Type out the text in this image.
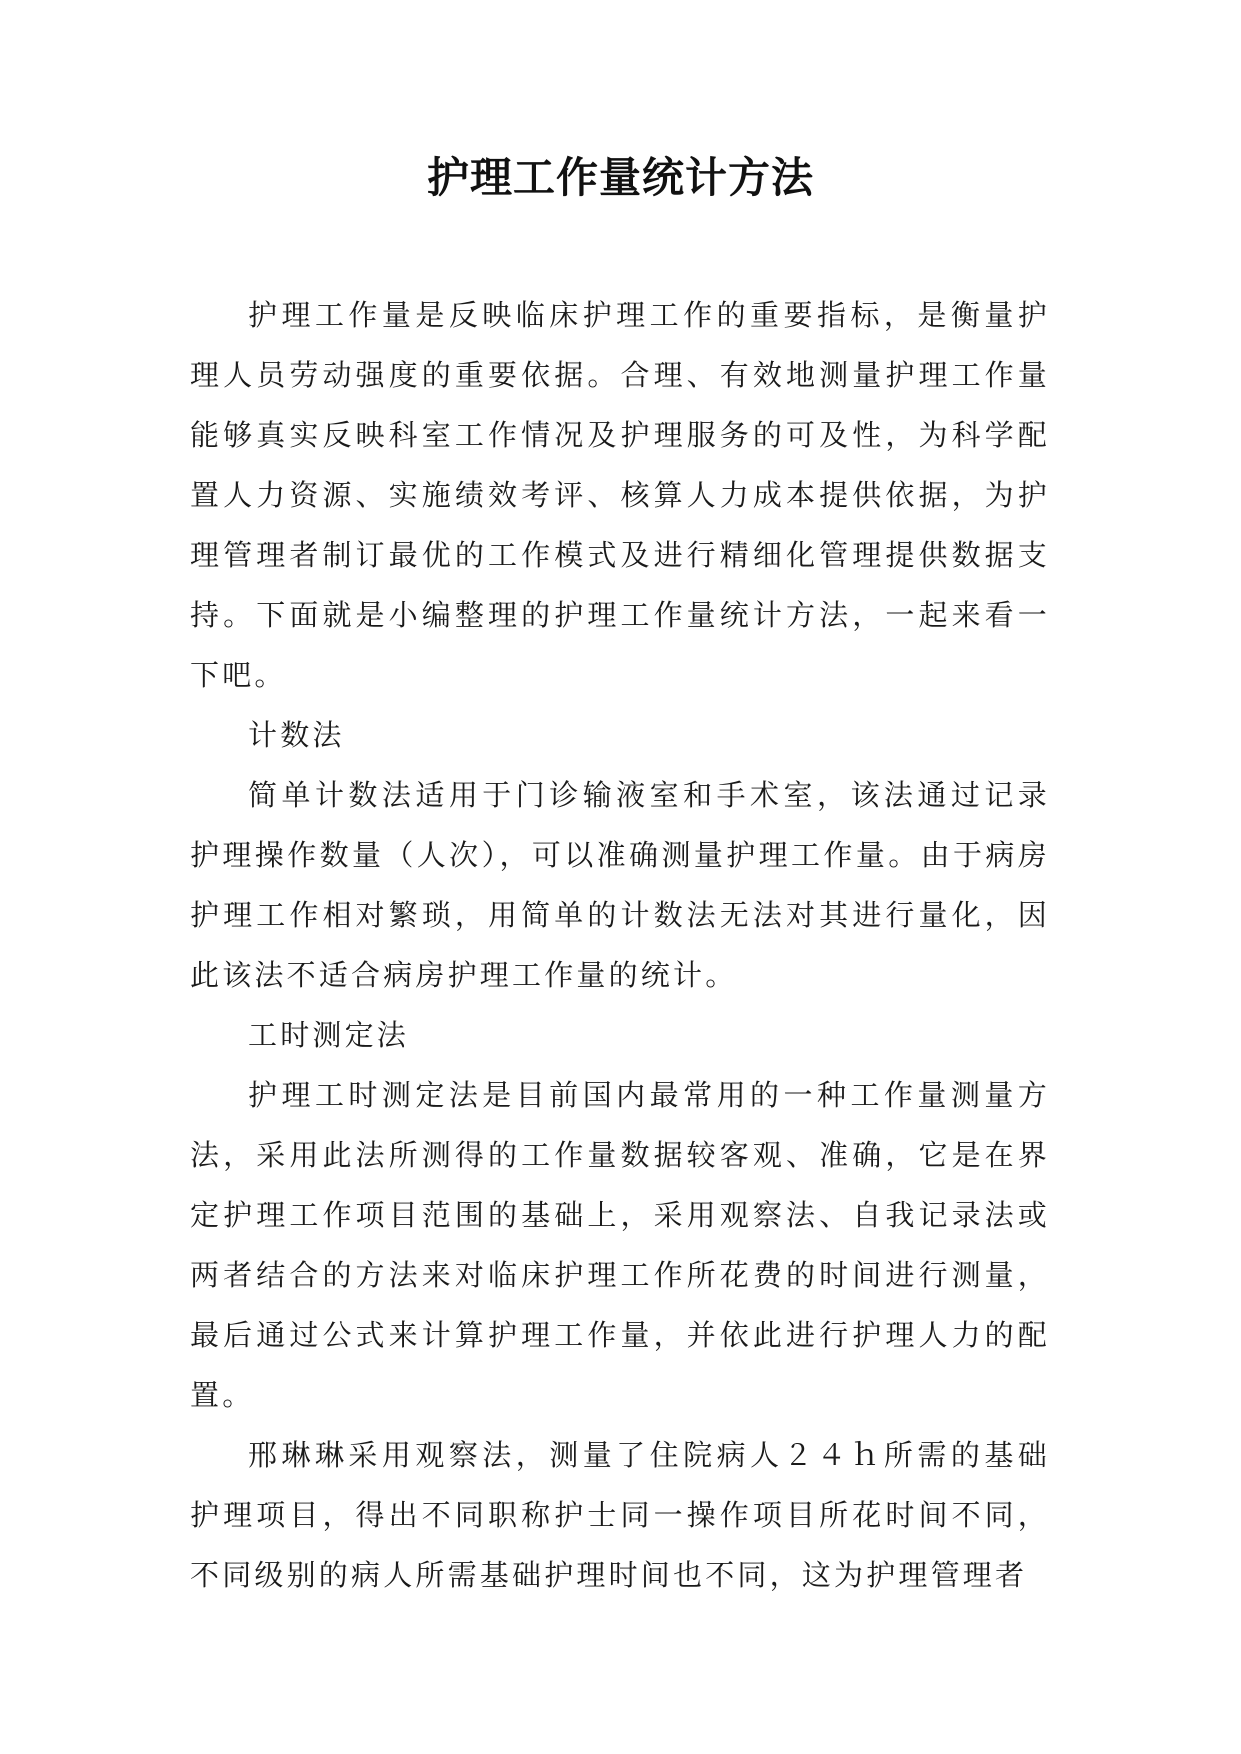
护理工作量统计方法

护理工作量是反映临床护理工作的重要指标，是衡量护理人员劳动强度的重要依据。合理、有效地测量护理工作量能够真实反映科室工作情况及护理服务的可及性，为科学配置人力资源、实施绩效考评、核算人力成本提供依据，为护理管理者制订最优的工作模式及进行精细化管理提供数据支持。下面就是小编整理的护理工作量统计方法，一起来看一下吧。

计数法

简单计数法适用于门诊输液室和手术室，该法通过记录护理操作数量（人次），可以准确测量护理工作量。由于病房护理工作相对繁琐，用简单的计数法无法对其进行量化，因此该法不适合病房护理工作量的统计。

工时测定法

护理工时测定法是目前国内最常用的一种工作量测量方法，采用此法所测得的工作量数据较客观、准确，它是在界定护理工作项目范围的基础上，采用观察法、自我记录法或两者结合的方法来对临床护理工作所花费的时间进行测量，最后通过公式来计算护理工作量，并依此进行护理人力的配置。

邢琳琳采用观察法，测量了住院病人２４ｈ所需的基础护理项目，得出不同职称护士同一操作项目所花时间不同，不同级别的病人所需基础护理时间也不同，这为护理管理者
